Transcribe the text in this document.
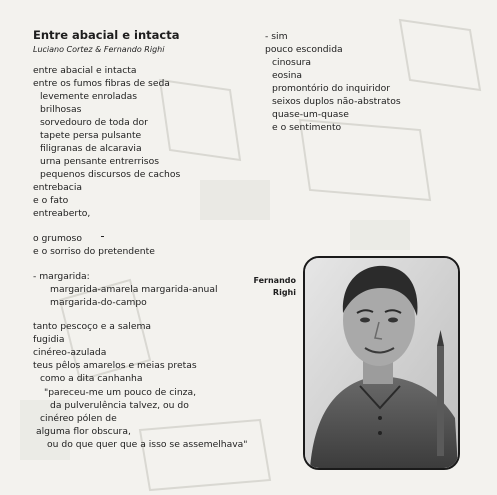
Entre abacial e intacta
Luciano Cortez & Fernando Righi
entre abacial e intacta
entre os fumos fibras de seda
levemente enroladas
brilhosas
sorvedouro de toda dor
tapete persa pulsante
filigranas de alcaravia
urna pensante entrerrisos
pequenos discursos de cachos
entrebacia
e o fato
entreaberto,
o grumoso
e o sorriso do pretendente
- margarida:
margarida-amarela margarida-anual
margarida-do-campo
tanto pescoço e a salema
fugidia
cinéreo-azulada
teus pêlos amarelos e meias pretas
como a dita canhanha
"pareceu-me um pouco de cinza,
da pulverulência talvez, ou do
cinéreo pólen de
alguma flor obscura,
ou do que quer que a isso se assemelhava"
- sim
pouco escondida
cinosura
eosina
promontório do inquiridor
seixos duplos não-abstratos
quase-um-quase
e o sentimento
Fernando
Righi
